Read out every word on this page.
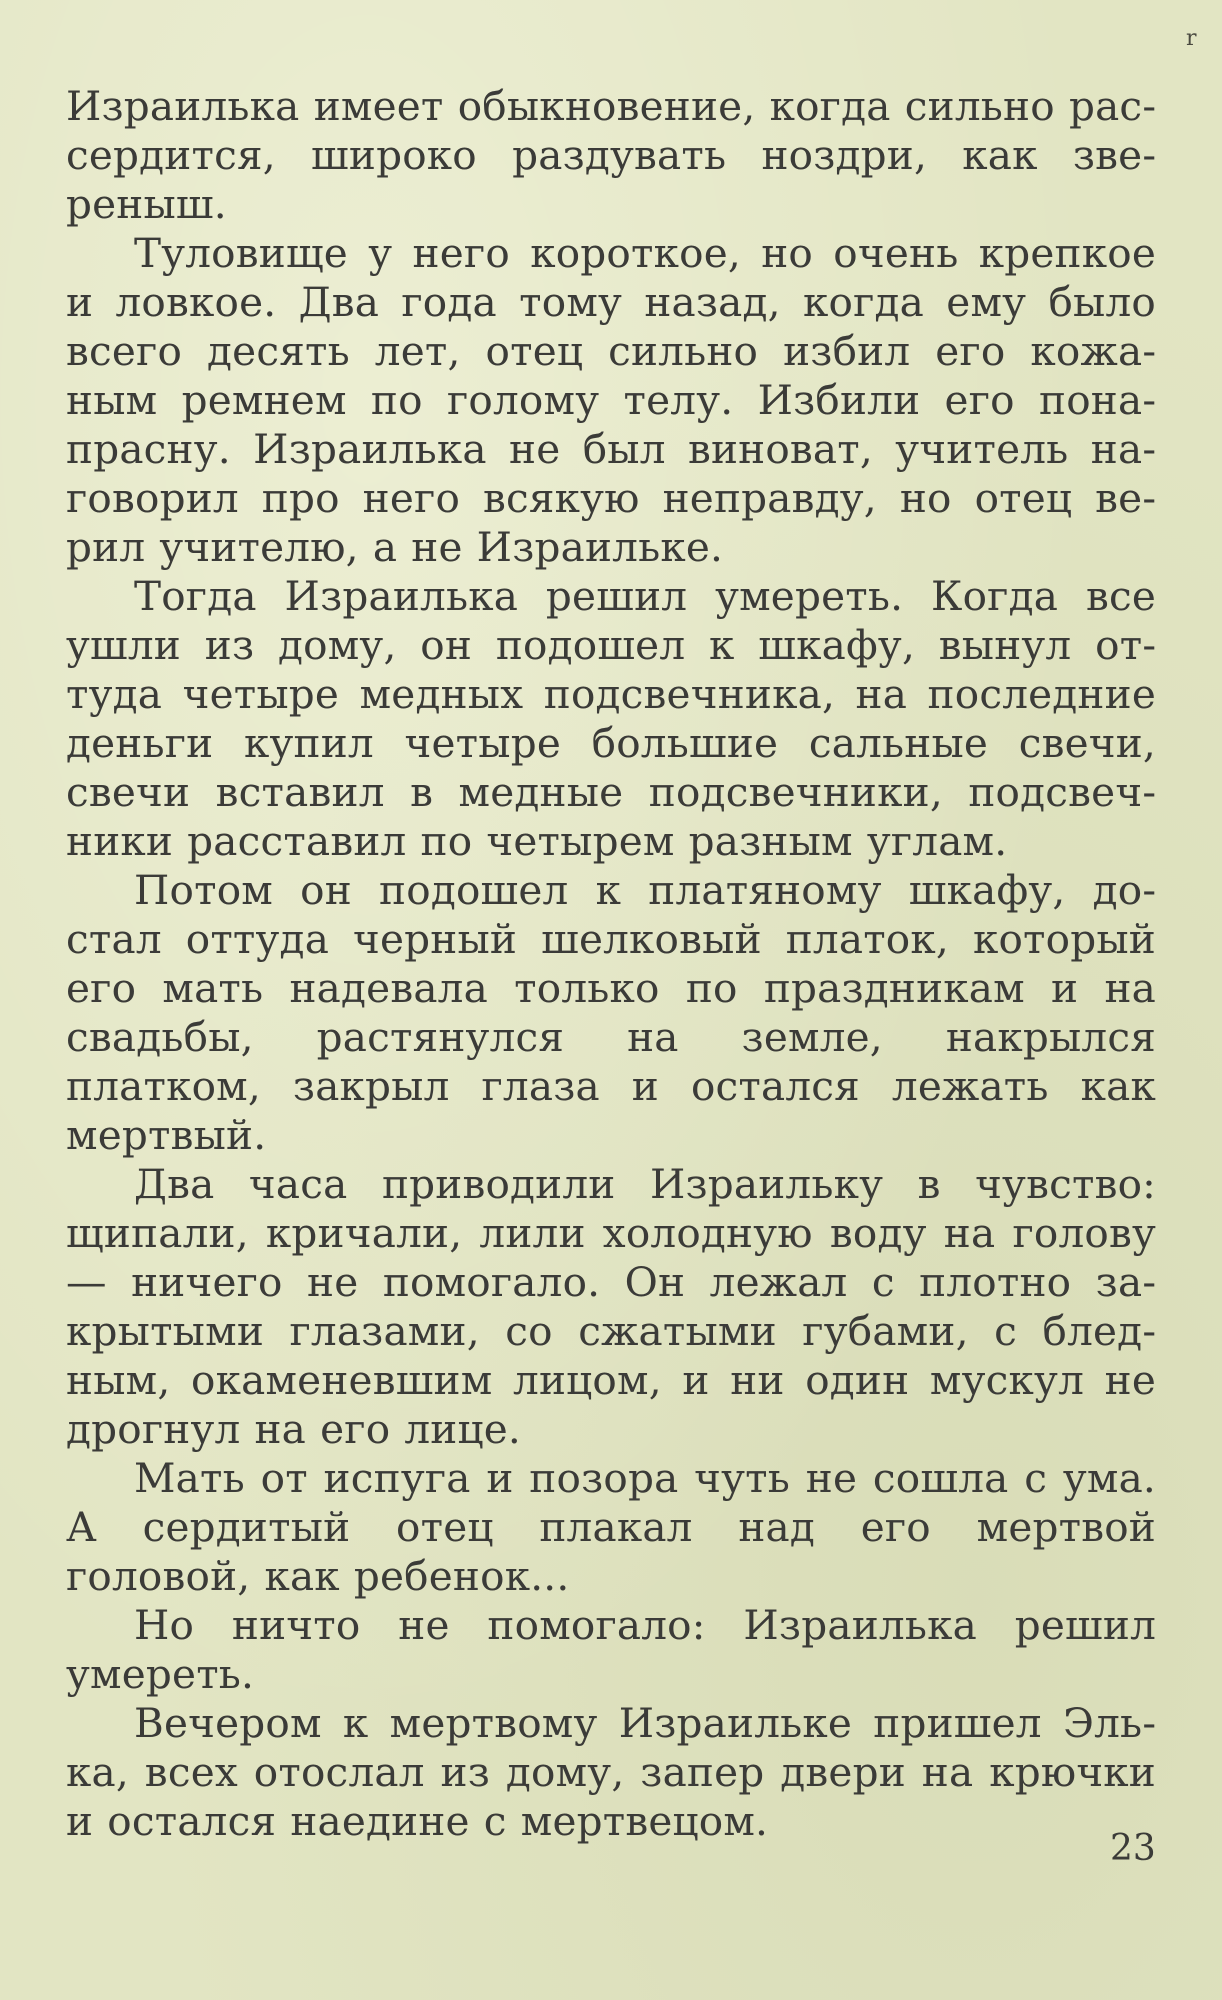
r

Израилька имеет обыкновение, когда сильно рассердится, широко раздувать ноздри, как звереныш.

Туловище у него короткое, но очень крепкое и ловкое. Два года тому назад, когда ему было всего десять лет, отец сильно избил его кожаным ремнем по голому телу. Избили его понапрасну. Израилька не был виноват, учитель наговорил про него всякую неправду, но отец верил учителю, а не Израильке.

Тогда Израилька решил умереть. Когда все ушли из дому, он подошел к шкафу, вынул оттуда четыре медных подсвечника, на последние деньги купил четыре большие сальные свечи, свечи вставил в медные подсвечники, подсвечники расставил по четырем разным углам.

Потом он подошел к платяному шкафу, достал оттуда черный шелковый платок, который его мать надевала только по праздникам и на свадьбы, растянулся на земле, накрылся платком, закрыл глаза и остался лежать как мертвый.

Два часа приводили Израильку в чувство: щипали, кричали, лили холодную воду на голову — ничего не помогало. Он лежал с плотно закрытыми глазами, со сжатыми губами, с бледным, окаменевшим лицом, и ни один мускул не дрогнул на его лице.

Мать от испуга и позора чуть не сошла с ума. А сердитый отец плакал над его мертвой головой, как ребенок...

Но ничто не помогало: Израилька решил умереть.

Вечером к мертвому Израильке пришел Элька, всех отослал из дому, запер двери на крючки и остался наедине с мертвецом.

23
